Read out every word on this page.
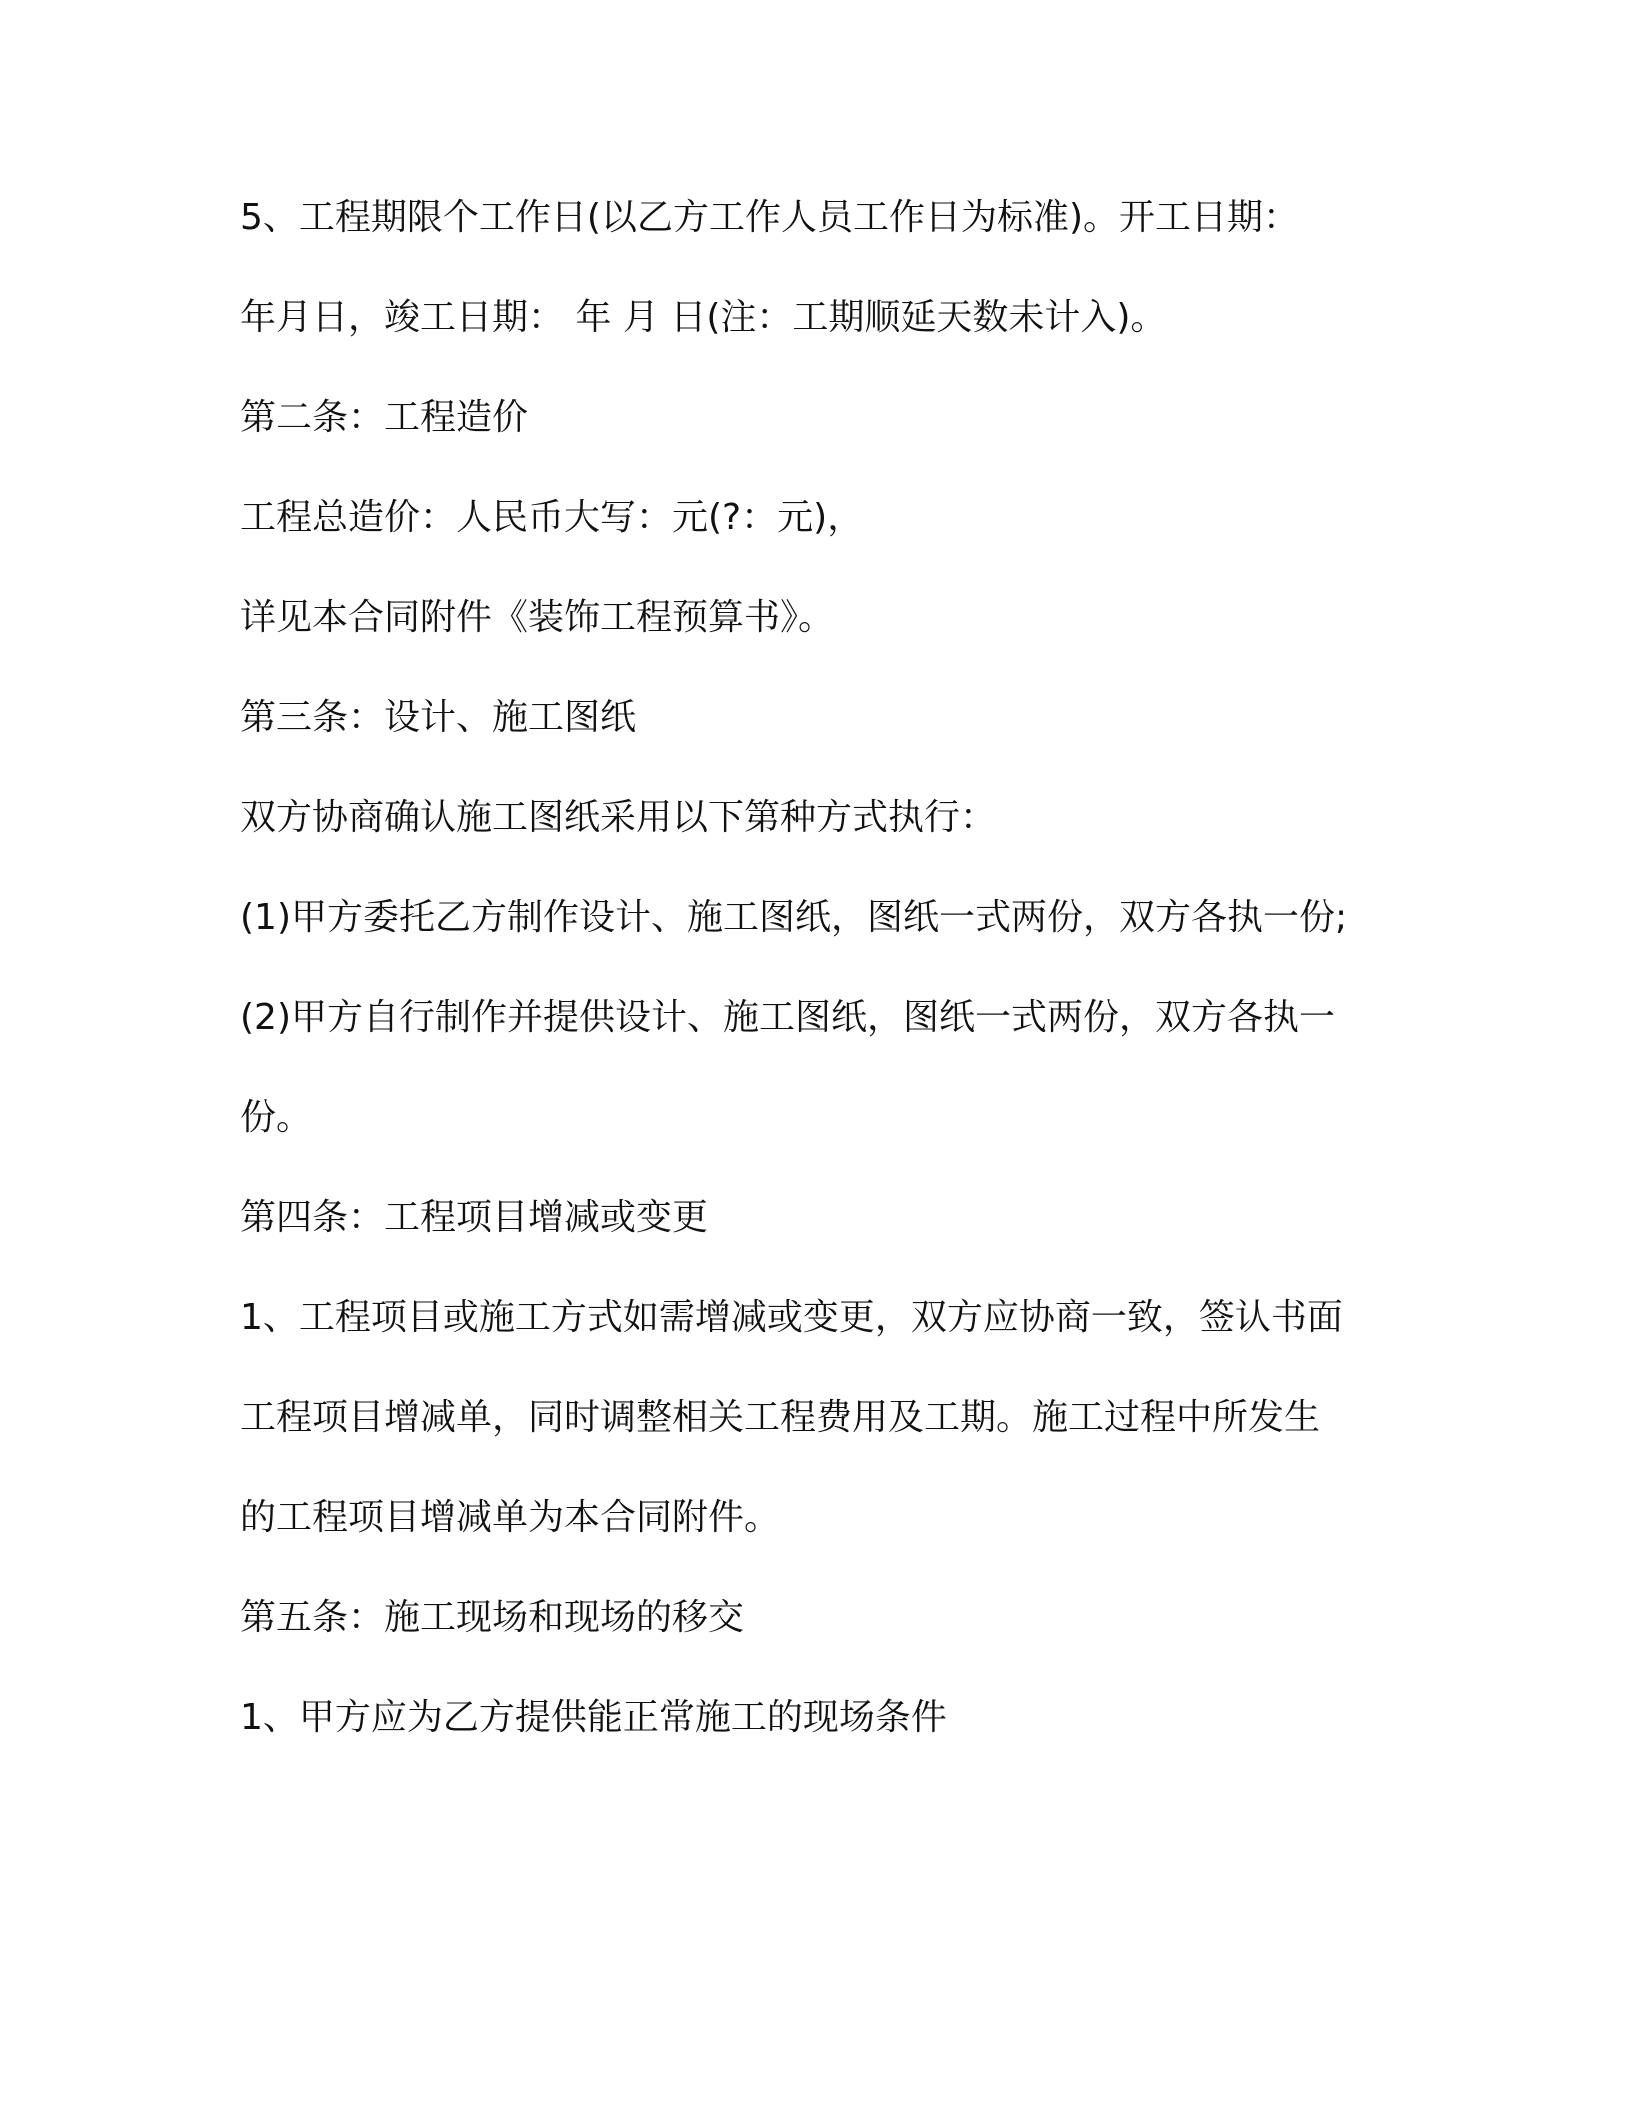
5、工程期限个工作日(以乙方工作人员工作日为标准)。开工日期：
年月日，竣工日期： 年 月 日(注：工期顺延天数未计入)。
第二条：工程造价
工程总造价：人民币大写：元(?：元)，
详见本合同附件《装饰工程预算书》。
第三条：设计、施工图纸
双方协商确认施工图纸采用以下第种方式执行：
(1)甲方委托乙方制作设计、施工图纸，图纸一式两份，双方各执一份;
(2)甲方自行制作并提供设计、施工图纸，图纸一式两份，双方各执一
份。
第四条：工程项目增减或变更
1、工程项目或施工方式如需增减或变更，双方应协商一致，签认书面
工程项目增减单，同时调整相关工程费用及工期。施工过程中所发生
的工程项目增减单为本合同附件。
第五条：施工现场和现场的移交
1、甲方应为乙方提供能正常施工的现场条件
